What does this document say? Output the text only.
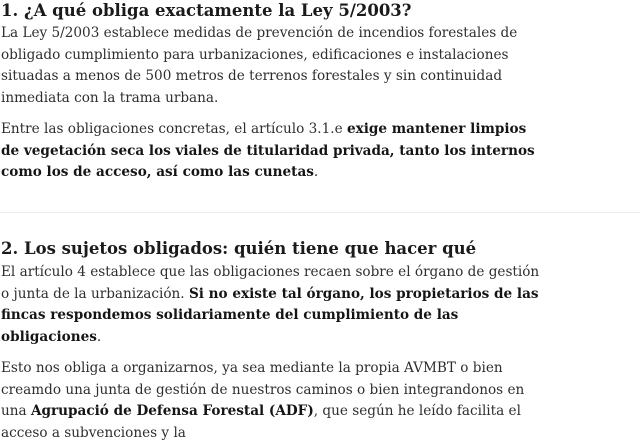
1. ¿A qué obliga exactamente la Ley 5/2003?

La Ley 5/2003 establece medidas de prevención de incendios forestales de obligado cumplimiento para urbanizaciones, edificaciones e instalaciones situadas a menos de 500 metros de terrenos forestales y sin continuidad inmediata con la trama urbana.

Entre las obligaciones concretas, el artículo 3.1.e exige mantener limpios de vegetación seca los viales de titularidad privada, tanto los internos como los de acceso, así como las cunetas.

2. Los sujetos obligados: quién tiene que hacer qué

El artículo 4 establece que las obligaciones recaen sobre el órgano de gestión o junta de la urbanización. Si no existe tal órgano, los propietarios de las fincas respondemos solidariamente del cumplimiento de las obligaciones.

Esto nos obliga a organizarnos, ya sea mediante la propia AVMBT o bien creamdo una junta de gestión de nuestros caminos o bien integrandonos en una Agrupació de Defensa Forestal (ADF), que según he leído facilita el acceso a subvenciones y la
